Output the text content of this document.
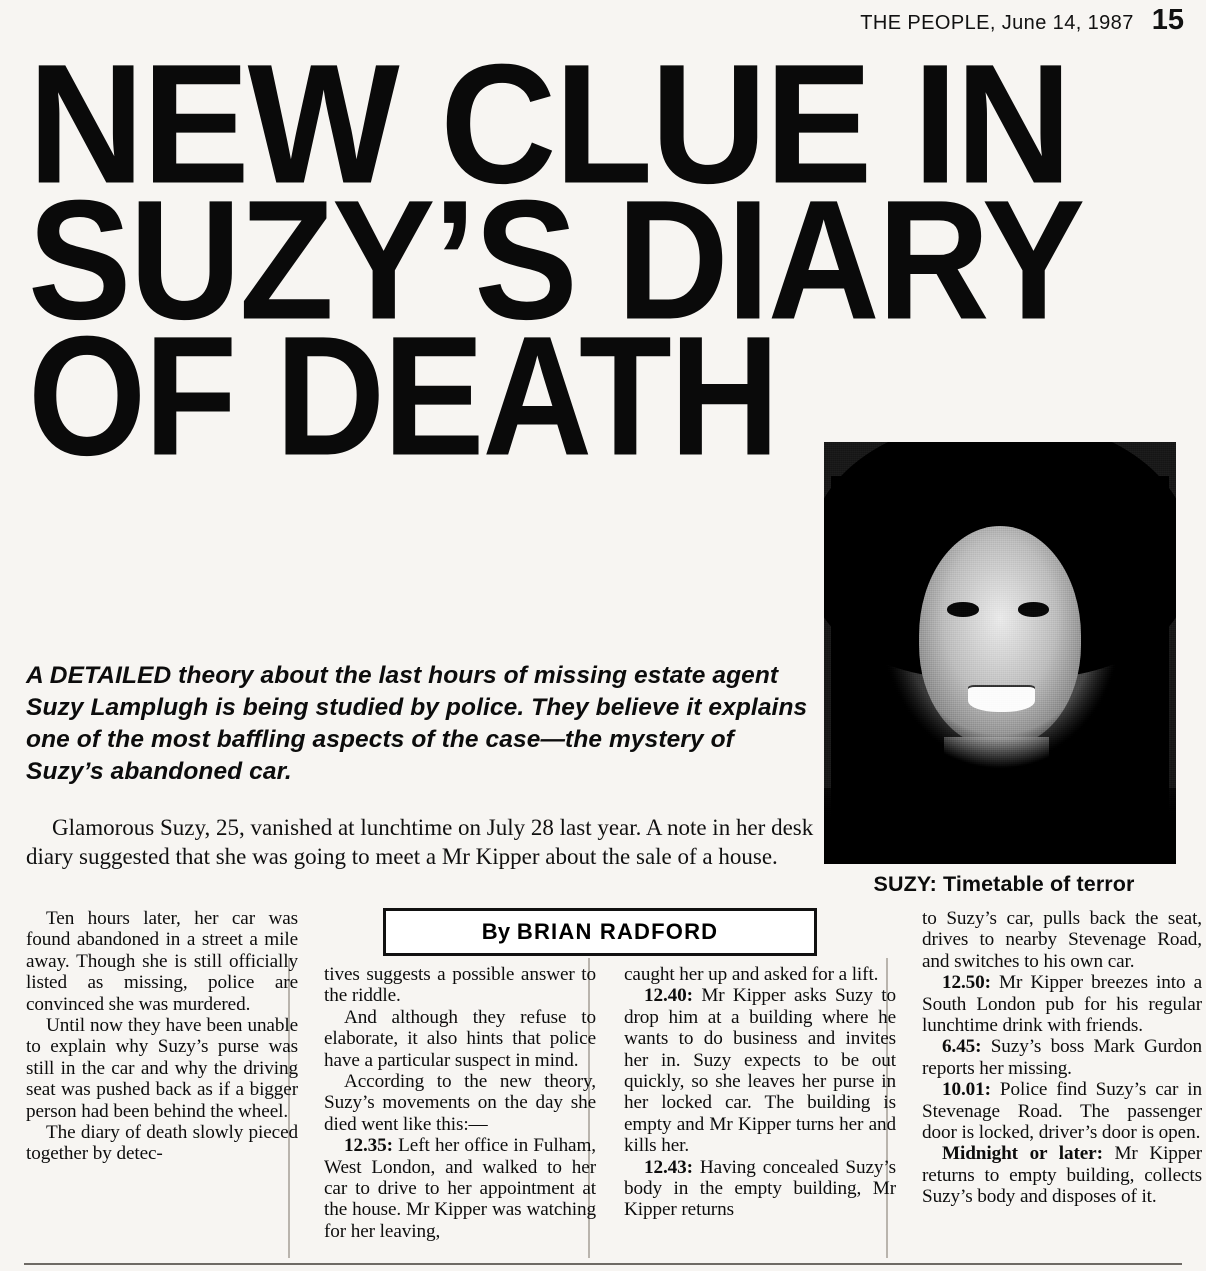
THE PEOPLE, June 14, 1987 15
NEW CLUE IN
SUZY’S DIARY
OF DEATH
A DETAILED theory about the last hours of missing estate agent Suzy Lamplugh is being studied by police. They believe it explains one of the most baffling aspects of the case—the mystery of Suzy’s abandoned car.
Glamorous Suzy, 25, vanished at lunchtime on July 28 last year. A note in her desk diary suggested that she was going to meet a Mr Kipper about the sale of a house.
SUZY: Timetable of terror
By BRIAN RADFORD

Ten hours later, her car was found abandoned in a street a mile away. Though she is still officially listed as missing, police are convinced she was murdered.

Until now they have been unable to explain why Suzy’s purse was still in the car and why the driving seat was pushed back as if a bigger person had been behind the wheel.

The diary of death slowly pieced together by detec-

tives suggests a possible answer to the riddle.

And although they refuse to elaborate, it also hints that police have a particular suspect in mind.

According to the new theory, Suzy’s movements on the day she died went like this:—

12.35: Left her office in Fulham, West London, and walked to her car to drive to her appointment at the house. Mr Kipper was watching for her leaving,

caught her up and asked for a lift.

12.40: Mr Kipper asks Suzy to drop him at a building where he wants to do business and invites her in. Suzy expects to be out quickly, so she leaves her purse in her locked car. The building is empty and Mr Kipper turns her and kills her.

12.43: Having concealed Suzy’s body in the empty building, Mr Kipper returns

to Suzy’s car, pulls back the seat, drives to nearby Stevenage Road, and switches to his own car.

12.50: Mr Kipper breezes into a South London pub for his regular lunchtime drink with friends.

6.45: Suzy’s boss Mark Gurdon reports her missing.

10.01: Police find Suzy’s car in Stevenage Road. The passenger door is locked, driver’s door is open.

Midnight or later: Mr Kipper returns to empty building, collects Suzy’s body and disposes of it.
